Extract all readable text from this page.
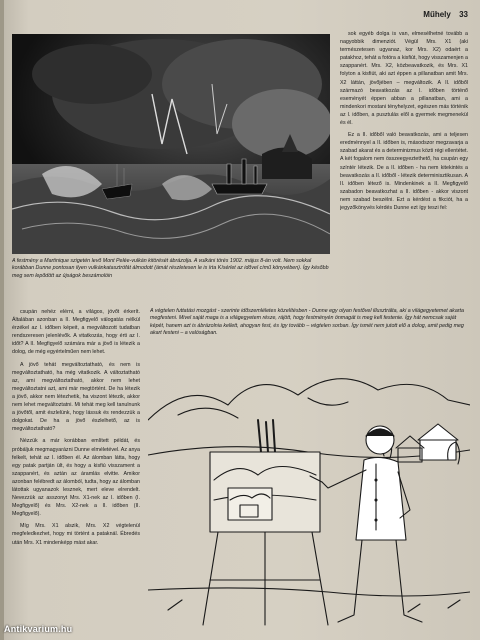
Műhely 33

A festmény a Martinique szigetén levő Mont Pelée-vulkán kitörését ábrázolja. A vulkáni törés 1902. május 8-án volt. Nem sokkal korábban Dunne pontosan ilyen vulkánkatasztrófát álmodott (ámát részletesen le is írta Kísérlet az idővel című könyvében). Így később meg sem lepődött az újságok beszámolóin

sok egyéb dolga is van, elmesélhetné tovább a nagyobbik dimenziót. Végül Mrs. X1 (aki természetesen ugyanaz, kor Mrs. X2) odaért a patakhoz, tehát a fotóra a kisfiút, hogy visszamenjen a szappanért. Mrs. X2, közbeavatkozik, és Mrs. X1 folyton a kisfiút, aki azt éppen a pillanatban amit Mrs. X2 láttán, jövőjében – megváltozik. A II. időből származó beavatkozás az I. időben történő eseményét éppen abban a pillanatban, ami a mindenkori mostani tényhelyzet, egészen más történik az I. időben, a pusztulás elől a gyermek megmenekül és él.

Ez a II. időből való beavatkozás, ami a teljesen eredménnyel a II. időben is, másodszor megzavarja a szabad akarat és a determinizmus közti régi ellentétet. A két fogalom nem összeegyeztethető, ha csupán egy színtér létezik. De a II. időben - ha nem kitekintés a beavatkozás a II. időből - létezik determinisztikusan. A II. időben létező is. Mindenkinek a II. Megfigyelő szabadon beavatkozhat a II. időben - akkor viszont nem szabad beszélni. Ezt a kérdést a fikciót, ha a jegyzőkönyvés kérdés Dunne ezt így teszi fel:

csupán nehéz elérni, a világos, jövőt érkerít. Általában azonban a II. Megfigyelő válogatás nélkül érzékel az I. időben képeit, a megváltozott tudatban rendszeresen jelenlévők. A vitatkozás, hogy érti az I. időt? A II. Megfigyelő számára már a jövő is létezik a dolog, de még egyértelműen nem lehet.

A jövő tehát megváltoztatható, és nem is megváltoztatható, ha még vitatkozik. A változtatható az, ami megváltoztatható, akkor nem lehet megváltoztatni azt, ami már megtörtént. De ha létezik a jövő, akkor nem létezhetik, ha viszont létezik, akkor nem lehet megváltoztatni. Mi tehát meg kell tanulnunk a jövőtől, amit észlelünk, hogy lássuk és rendezzük a dolgokat. De ha a jövő észlelhető, az is megváltoztatható?

Nézzük a már korábban említett példát, és próbáljuk megmagyarázni Dunne elméletével. Az anya felkelt, tehát az I. időben él. Az álomban látta, hogy egy patak partján ült, és hogy a kisfiú visszament a szappanért, és aztán az áramlás elvitte. Amikor azonban felébredt az álomból, tudta, hogy az álomban látottak ugyanazok lesznek, mert eleve elrendelt. Nevezzük az asszonyt Mrs. X1-nek az I. időben (I. Megfigyelő) és Mrs. X2-nek a II. időben (II. Megfigyelő).

Míg Mrs. X1 alszik, Mrs. X2 végtelenül megfeledkezhet, hogy mi történt a pataknál. Ébredés után Mrs. X1 mindenképp mást akar.

A végtelen futtatási mozgást - szerinte időszemléletes közelítésben - Dunne egy olyan festővel illusztrálta, aki a világegyetemet akarta megfesteni. Mivel saját maga is a világegyetem része, rájött, hogy festményén önmagát is meg kell festenie. Így hát nemcsak saját képét, hanem azt is ábrázolnia kellett, ahogyan fest, és így tovább – végtelen sorban. Így ismét nem jutott elő a dolog, amit pedig meg akart festeni – a valóságban.

Antikvarium.hu
